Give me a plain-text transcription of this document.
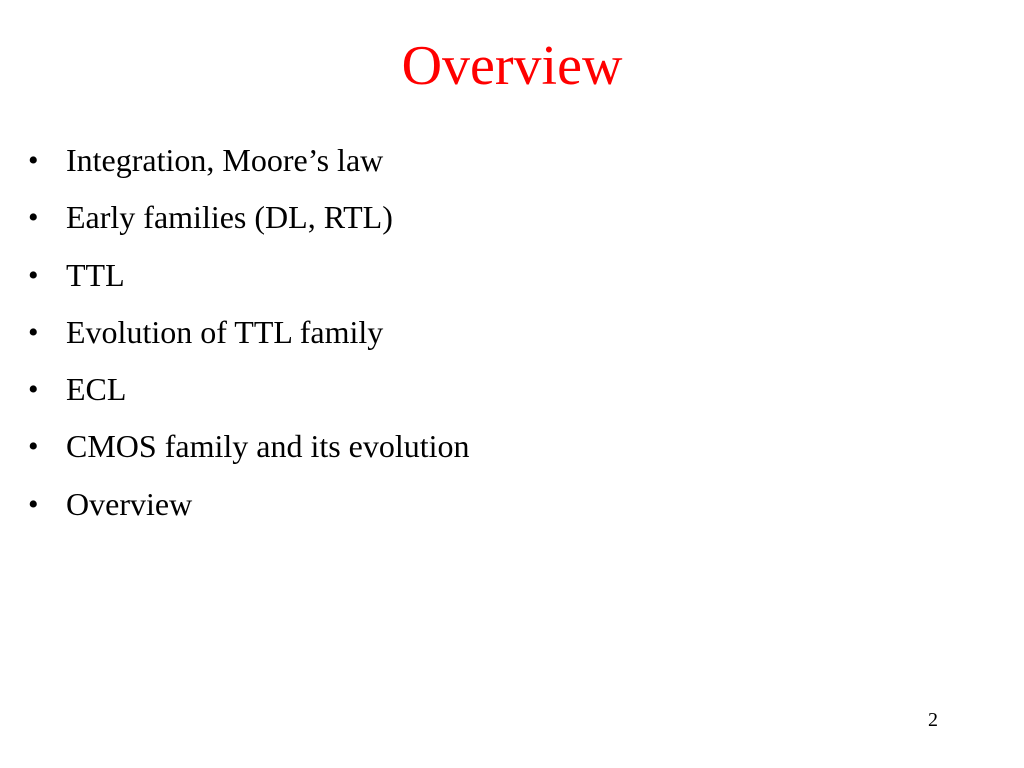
Overview
• Integration, Moore’s law
• Early families (DL, RTL)
• TTL
• Evolution of TTL family
• ECL
• CMOS family and its evolution
• Overview
2
